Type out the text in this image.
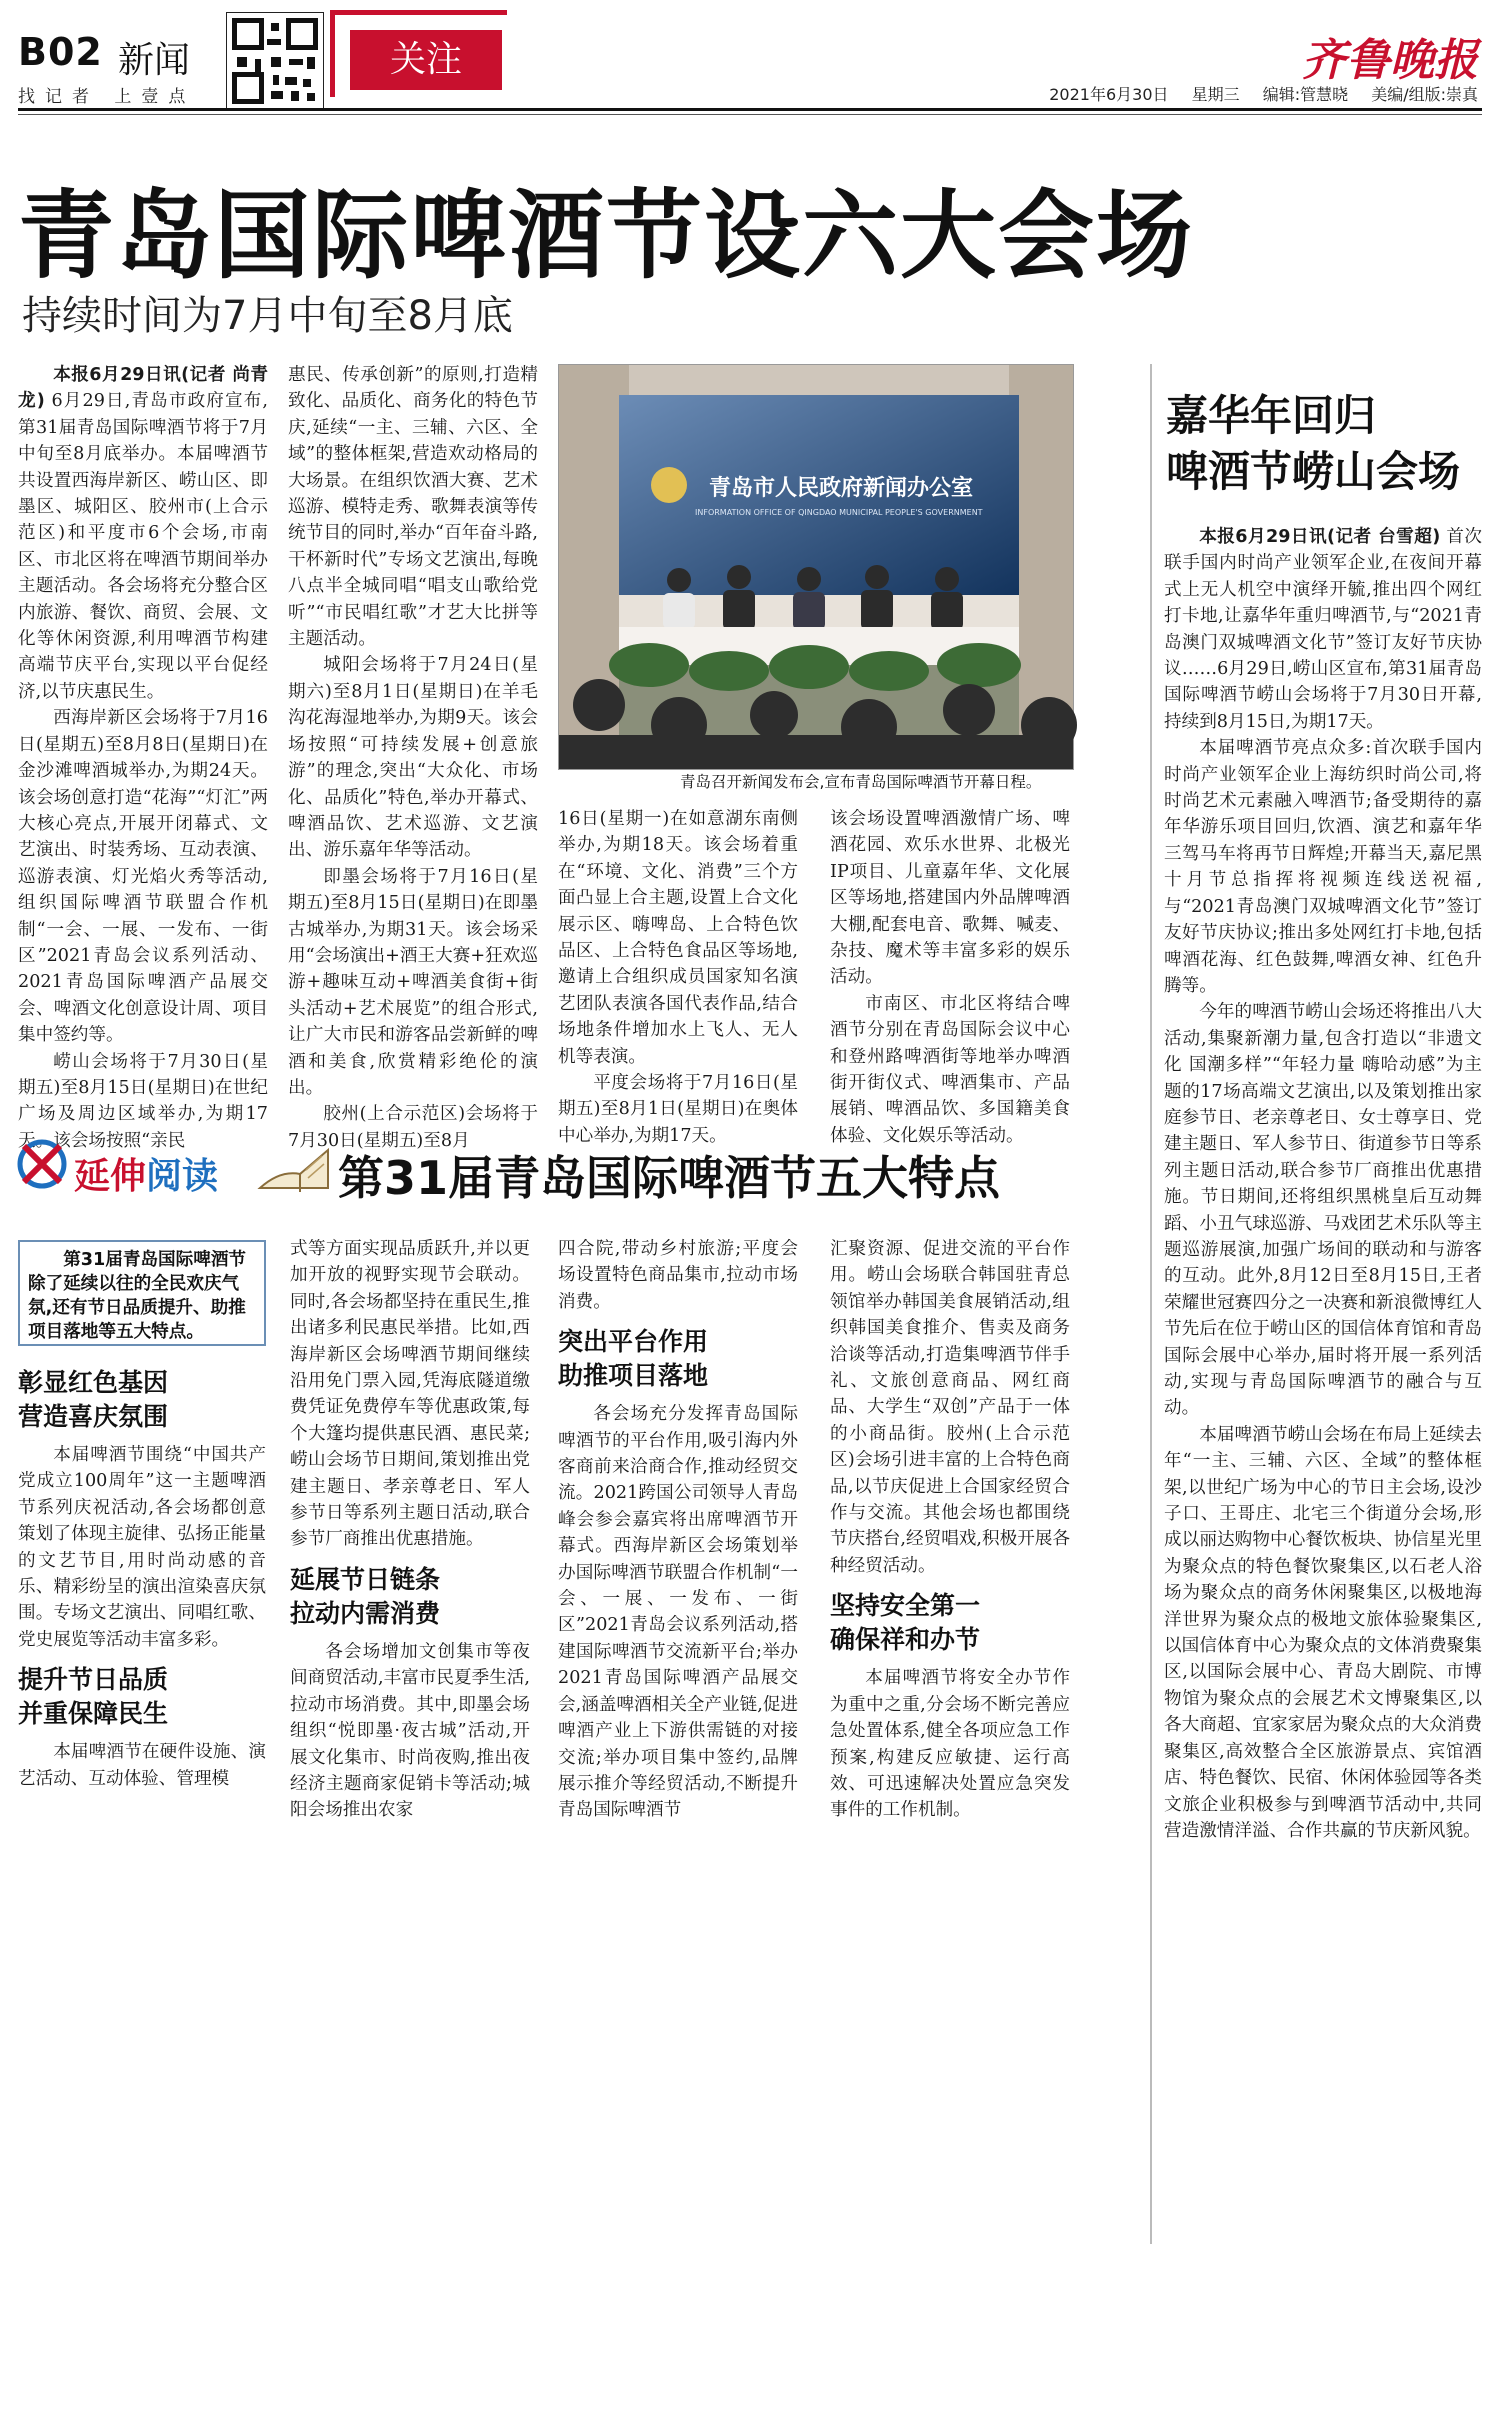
B02 新闻
找记者 上壹点
关注	齐鲁晚报
2021年6月30日 星期三 编辑:管慧晓 美编/组版:崇真
青岛国际啤酒节设六大会场
持续时间为7月中旬至8月底

本报6月29日讯(记者 尚青龙) 6月29日,青岛市政府宣布,第31届青岛国际啤酒节将于7月中旬至8月底举办。本届啤酒节共设置西海岸新区、崂山区、即墨区、城阳区、胶州市(上合示范区)和平度市6个会场,市南区、市北区将在啤酒节期间举办主题活动。各会场将充分整合区内旅游、餐饮、商贸、会展、文化等休闲资源,利用啤酒节构建高端节庆平台,实现以平台促经济,以节庆惠民生。

西海岸新区会场将于7月16日(星期五)至8月8日(星期日)在金沙滩啤酒城举办,为期24天。该会场创意打造“花海”“灯汇”两大核心亮点,开展开闭幕式、文艺演出、时装秀场、互动表演、巡游表演、灯光焰火秀等活动,组织国际啤酒节联盟合作机制“一会、一展、一发布、一街区”2021青岛会议系列活动、2021青岛国际啤酒产品展交会、啤酒文化创意设计周、项目集中签约等。

崂山会场将于7月30日(星期五)至8月15日(星期日)在世纪广场及周边区域举办,为期17天。该会场按照“亲民

惠民、传承创新”的原则,打造精致化、品质化、商务化的特色节庆,延续“一主、三辅、六区、全域”的整体框架,营造欢动格局的大场景。在组织饮酒大赛、艺术巡游、模特走秀、歌舞表演等传统节目的同时,举办“百年奋斗路,干杯新时代”专场文艺演出,每晚八点半全城同唱“唱支山歌给党听”“市民唱红歌”才艺大比拼等主题活动。

城阳会场将于7月24日(星期六)至8月1日(星期日)在羊毛沟花海湿地举办,为期9天。该会场按照“可持续发展+创意旅游”的理念,突出“大众化、市场化、品质化”特色,举办开幕式、啤酒品饮、艺术巡游、文艺演出、游乐嘉年华等活动。

即墨会场将于7月16日(星期五)至8月15日(星期日)在即墨古城举办,为期31天。该会场采用“会场演出+酒王大赛+狂欢巡游+趣味互动+啤酒美食街+街头活动+艺术展览”的组合形式,让广大市民和游客品尝新鲜的啤酒和美食,欣赏精彩绝伦的演出。

胶州(上合示范区)会场将于7月30日(星期五)至8月

青岛市人民政府新闻办公室
INFORMATION OFFICE OF QINGDAO MUNICIPAL PEOPLE'S GOVERNMENT
青岛召开新闻发布会,宣布青岛国际啤酒节开幕日程。

16日(星期一)在如意湖东南侧举办,为期18天。该会场着重在“环境、文化、消费”三个方面凸显上合主题,设置上合文化展示区、嗨啤岛、上合特色饮品区、上合特色食品区等场地,邀请上合组织成员国家知名演艺团队表演各国代表作品,结合场地条件增加水上飞人、无人机等表演。

平度会场将于7月16日(星期五)至8月1日(星期日)在奥体中心举办,为期17天。

该会场设置啤酒激情广场、啤酒花园、欢乐水世界、北极光IP项目、儿童嘉年华、文化展区等场地,搭建国内外品牌啤酒大棚,配套电音、歌舞、喊麦、杂技、魔术等丰富多彩的娱乐活动。

市南区、市北区将结合啤酒节分别在青岛国际会议中心和登州路啤酒街等地举办啤酒街开街仪式、啤酒集市、产品展销、啤酒品饮、多国籍美食体验、文化娱乐等活动。

嘉华年回归
啤酒节崂山会场

本报6月29日讯(记者 台雪超) 首次联手国内时尚产业领军企业,在夜间开幕式上无人机空中演绎开毓,推出四个网红打卡地,让嘉华年重归啤酒节,与“2021青岛澳门双城啤酒文化节”签订友好节庆协议……6月29日,崂山区宣布,第31届青岛国际啤酒节崂山会场将于7月30日开幕,持续到8月15日,为期17天。

本届啤酒节亮点众多:首次联手国内时尚产业领军企业上海纺织时尚公司,将时尚艺术元素融入啤酒节;备受期待的嘉年华游乐项目回归,饮酒、演艺和嘉年华三驾马车将再节日辉煌;开幕当天,嘉尼黑十月节总指挥将视频连线送祝福,与“2021青岛澳门双城啤酒文化节”签订友好节庆协议;推出多处网红打卡地,包括啤酒花海、红色鼓舞,啤酒女神、红色升腾等。

今年的啤酒节崂山会场还将推出八大活动,集聚新潮力量,包含打造以“非遗文化 国潮多样”“年轻力量 嗨哈动感”为主题的17场高端文艺演出,以及策划推出家庭参节日、老亲尊老日、女士尊享日、党建主题日、军人参节日、街道参节日等系列主题日活动,联合参节厂商推出优惠措施。节日期间,还将组织黑桃皇后互动舞蹈、小丑气球巡游、马戏团艺术乐队等主题巡游展演,加强广场间的联动和与游客的互动。此外,8月12日至8月15日,王者荣耀世冠赛四分之一决赛和新浪微博红人节先后在位于崂山区的国信体育馆和青岛国际会展中心举办,届时将开展一系列活动,实现与青岛国际啤酒节的融合与互动。

本届啤酒节崂山会场在布局上延续去年“一主、三辅、六区、全域”的整体框架,以世纪广场为中心的节日主会场,设沙子口、王哥庄、北宅三个街道分会场,形成以丽达购物中心餐饮板块、协信星光里为聚众点的特色餐饮聚集区,以石老人浴场为聚众点的商务休闲聚集区,以极地海洋世界为聚众点的极地文旅体验聚集区,以国信体育中心为聚众点的文体消费聚集区,以国际会展中心、青岛大剧院、市博物馆为聚众点的会展艺术文博聚集区,以各大商超、宜家家居为聚众点的大众消费聚集区,高效整合全区旅游景点、宾馆酒店、特色餐饮、民宿、休闲体验园等各类文旅企业积极参与到啤酒节活动中,共同营造激情洋溢、合作共赢的节庆新风貌。

延伸阅读	第31届青岛国际啤酒节五大特点
第31届青岛国际啤酒节除了延续以往的全民欢庆气氛,还有节日品质提升、助推项目落地等五大特点。
彰显红色基因
营造喜庆氛围

本届啤酒节围绕“中国共产党成立100周年”这一主题啤酒节系列庆祝活动,各会场都创意策划了体现主旋律、弘扬正能量的文艺节目,用时尚动感的音乐、精彩纷呈的演出渲染喜庆氛围。专场文艺演出、同唱红歌、党史展览等活动丰富多彩。

提升节日品质
并重保障民生

本届啤酒节在硬件设施、演艺活动、互动体验、管理模

式等方面实现品质跃升,并以更加开放的视野实现节会联动。同时,各会场都坚持在重民生,推出诸多利民惠民举措。比如,西海岸新区会场啤酒节期间继续沿用免门票入园,凭海底隧道缴费凭证免费停车等优惠政策,每个大篷均提供惠民酒、惠民菜;崂山会场节日期间,策划推出党建主题日、孝亲尊老日、军人参节日等系列主题日活动,联合参节厂商推出优惠措施。

延展节日链条
拉动内需消费

各会场增加文创集市等夜间商贸活动,丰富市民夏季生活,拉动市场消费。其中,即墨会场组织“悦即墨·夜古城”活动,开展文化集市、时尚夜购,推出夜经济主题商家促销卡等活动;城阳会场推出农家

四合院,带动乡村旅游;平度会场设置特色商品集市,拉动市场消费。

突出平台作用
助推项目落地

各会场充分发挥青岛国际啤酒节的平台作用,吸引海内外客商前来洽商合作,推动经贸交流。2021跨国公司领导人青岛峰会参会嘉宾将出席啤酒节开幕式。西海岸新区会场策划举办国际啤酒节联盟合作机制“一会、一展、一发布、一街区”2021青岛会议系列活动,搭建国际啤酒节交流新平台;举办2021青岛国际啤酒产品展交会,涵盖啤酒相关全产业链,促进啤酒产业上下游供需链的对接交流;举办项目集中签约,品牌展示推介等经贸活动,不断提升青岛国际啤酒节

汇聚资源、促进交流的平台作用。崂山会场联合韩国驻青总领馆举办韩国美食展销活动,组织韩国美食推介、售卖及商务洽谈等活动,打造集啤酒节伴手礼、文旅创意商品、网红商品、大学生“双创”产品于一体的小商品街。胶州(上合示范区)会场引进丰富的上合特色商品,以节庆促进上合国家经贸合作与交流。其他会场也都围绕节庆搭台,经贸唱戏,积极开展各种经贸活动。

坚持安全第一
确保祥和办节

本届啤酒节将安全办节作为重中之重,分会场不断完善应急处置体系,健全各项应急工作预案,构建反应敏捷、运行高效、可迅速解决处置应急突发事件的工作机制。
